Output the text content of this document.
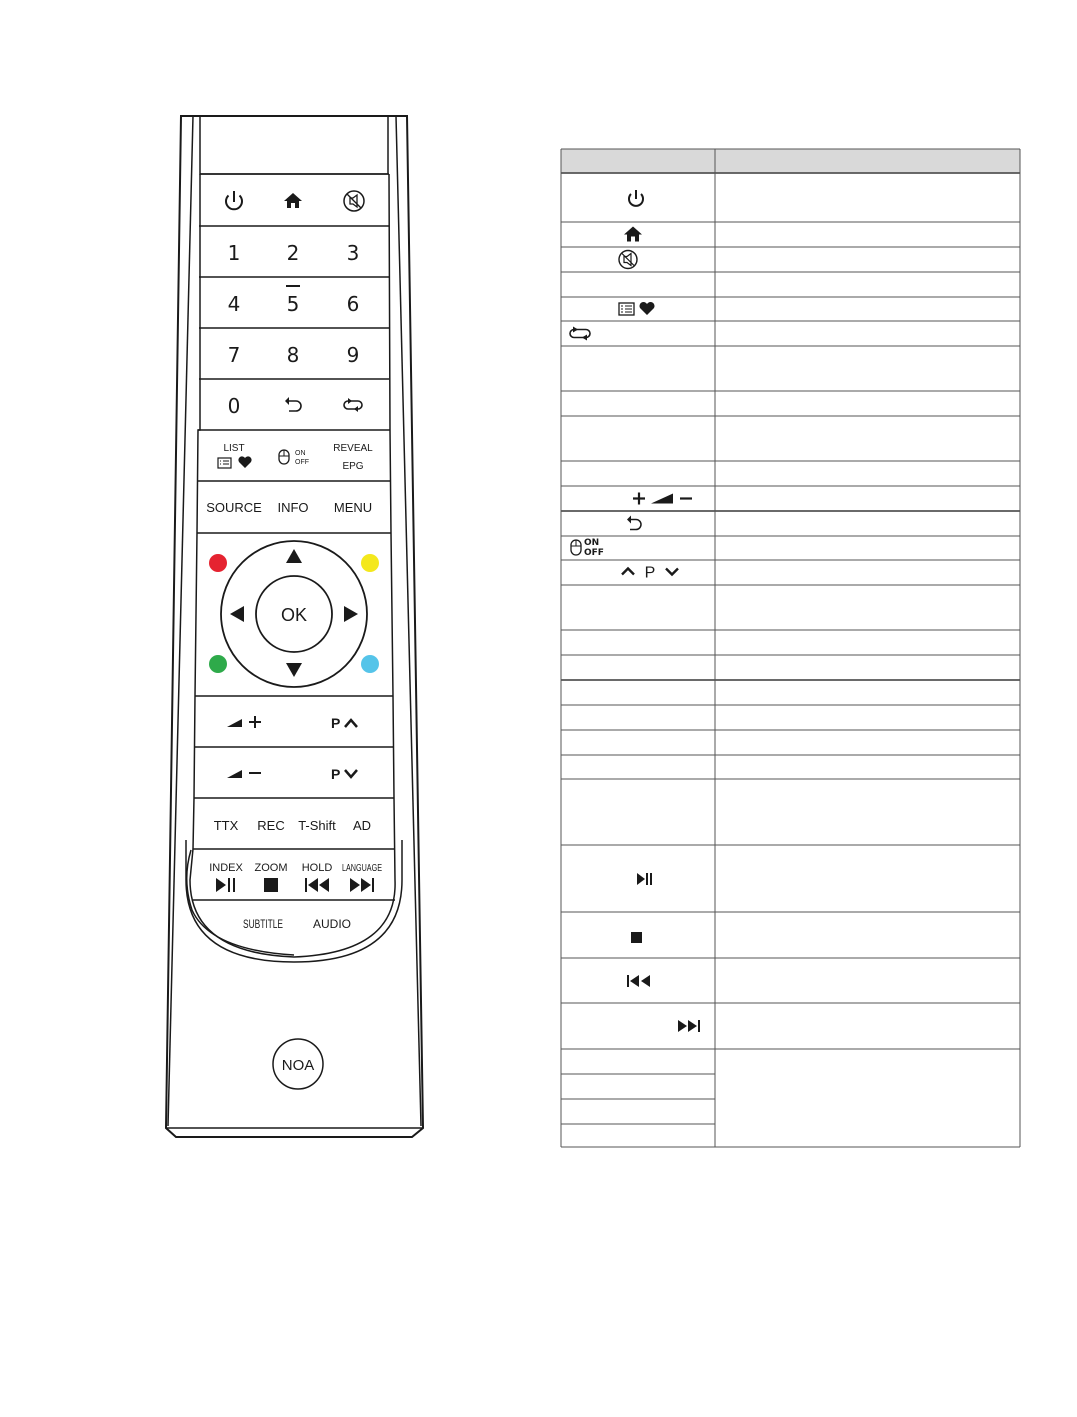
1 2 3
4 5 6
7 8 9
0
LIST	ON
OFF
REVEAL
EPG
SOURCE INFO MENU
OK
P
P
TTX REC T-Shift AD
INDEX ZOOM HOLD LANGUAGE
SUBTITLE AUDIO
NOA
ON
OFF
P
